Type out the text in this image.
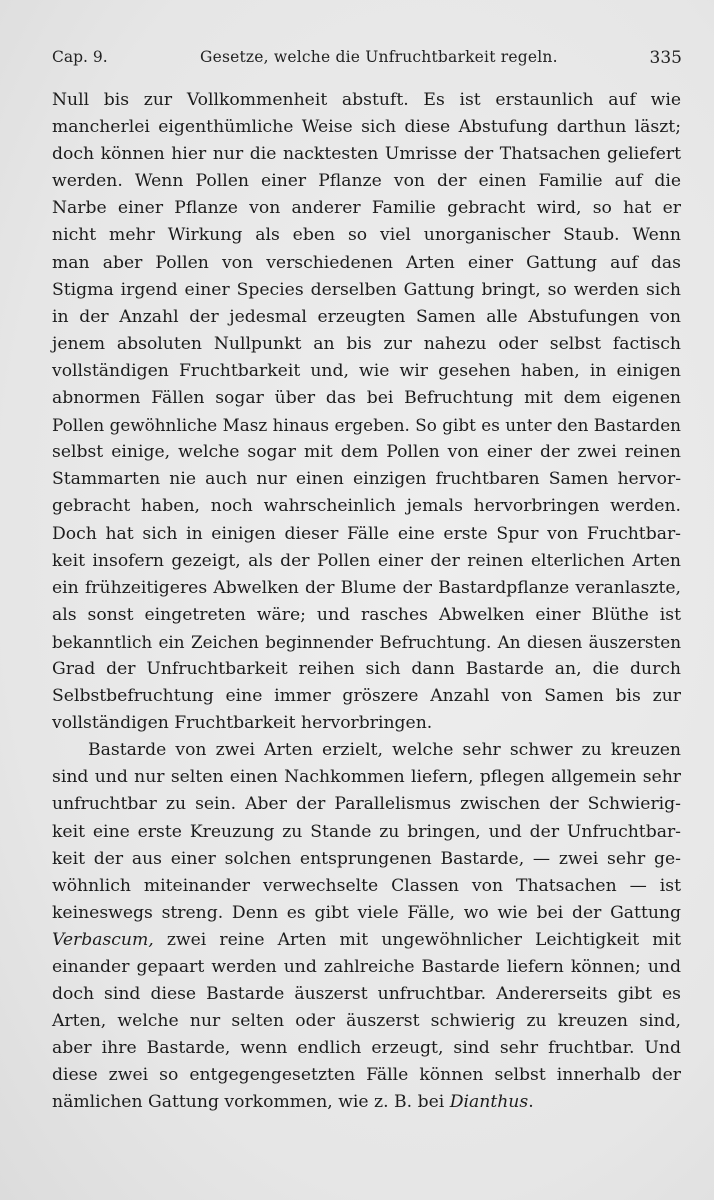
Cap. 9.	Gesetze, welche die Unfruchtbarkeit regeln.	335
Null bis zur Vollkommenheit abstuft. Es ist erstaunlich auf wie
mancherlei eigenthümliche Weise sich diese Abstufung darthun läszt;
doch können hier nur die nacktesten Umrisse der Thatsachen geliefert
werden. Wenn Pollen einer Pflanze von der einen Familie auf die
Narbe einer Pflanze von anderer Familie gebracht wird, so hat er
nicht mehr Wirkung als eben so viel unorganischer Staub. Wenn
man aber Pollen von verschiedenen Arten einer Gattung auf das
Stigma irgend einer Species derselben Gattung bringt, so werden sich
in der Anzahl der jedesmal erzeugten Samen alle Abstufungen von
jenem absoluten Nullpunkt an bis zur nahezu oder selbst factisch
vollständigen Fruchtbarkeit und, wie wir gesehen haben, in einigen
abnormen Fällen sogar über das bei Befruchtung mit dem eigenen
Pollen gewöhnliche Masz hinaus ergeben. So gibt es unter den Bastarden
selbst einige, welche sogar mit dem Pollen von einer der zwei reinen
Stammarten nie auch nur einen einzigen fruchtbaren Samen hervor-
gebracht haben, noch wahrscheinlich jemals hervorbringen werden.
Doch hat sich in einigen dieser Fälle eine erste Spur von Fruchtbar-
keit insofern gezeigt, als der Pollen einer der reinen elterlichen Arten
ein frühzeitigeres Abwelken der Blume der Bastardpflanze veranlaszte,
als sonst eingetreten wäre; und rasches Abwelken einer Blüthe ist
bekanntlich ein Zeichen beginnender Befruchtung. An diesen äuszersten
Grad der Unfruchtbarkeit reihen sich dann Bastarde an, die durch
Selbstbefruchtung eine immer gröszere Anzahl von Samen bis zur
vollständigen Fruchtbarkeit hervorbringen.
Bastarde von zwei Arten erzielt, welche sehr schwer zu kreuzen
sind und nur selten einen Nachkommen liefern, pflegen allgemein sehr
unfruchtbar zu sein. Aber der Parallelismus zwischen der Schwierig-
keit eine erste Kreuzung zu Stande zu bringen, und der Unfruchtbar-
keit der aus einer solchen entsprungenen Bastarde, — zwei sehr ge-
wöhnlich miteinander verwechselte Classen von Thatsachen — ist
keineswegs streng. Denn es gibt viele Fälle, wo wie bei der Gattung
Verbascum, zwei reine Arten mit ungewöhnlicher Leichtigkeit mit
einander gepaart werden und zahlreiche Bastarde liefern können; und
doch sind diese Bastarde äuszerst unfruchtbar. Andererseits gibt es
Arten, welche nur selten oder äuszerst schwierig zu kreuzen sind,
aber ihre Bastarde, wenn endlich erzeugt, sind sehr fruchtbar. Und
diese zwei so entgegengesetzten Fälle können selbst innerhalb der
nämlichen Gattung vorkommen, wie z. B. bei Dianthus.
